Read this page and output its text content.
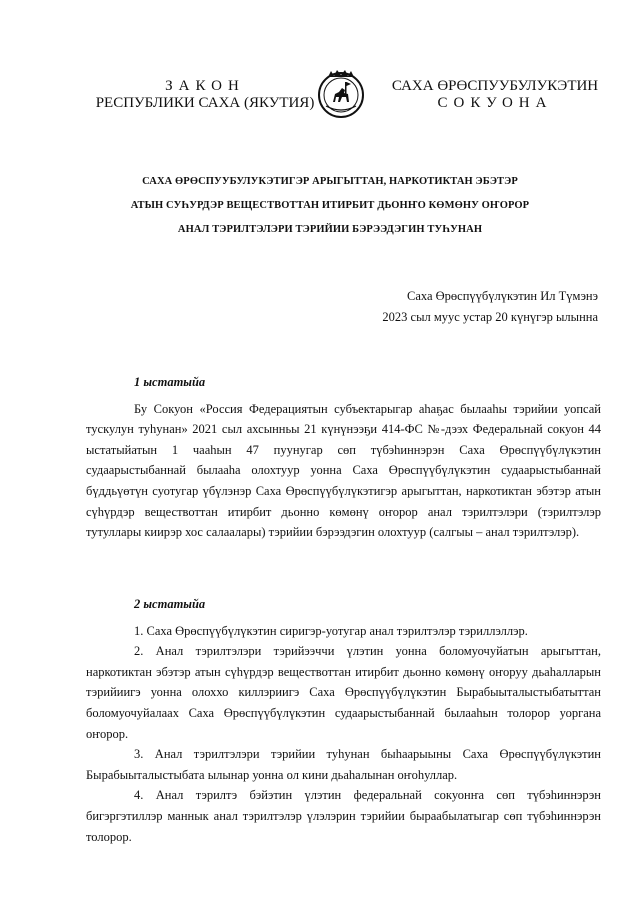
ЗАКОН
РЕСПУБЛИКИ САХА (ЯКУТИЯ)
САХА ӨРӨСПУУБУЛУКЭТИН
СОКУОНА
САХА ӨРӨСПУУБУЛУКЭТИГЭР АРЫГЫТТАН, НАРКОТИКТАН ЭБЭТЭР
АТЫН СУҺУРДЭР ВЕЩЕСТВОТТАН ИТИРБИТ ДЬОНҤО КӨМӨНУ ОҤОРОР
АНАЛ ТЭРИЛТЭЛЭРИ ТЭРИЙИИ БЭРЭЭДЭГИН ТУҺУНАН
Саха Өрөспүүбүлүкэтин Ил Түмэнэ
2023 сыл муус устар 20 күнүгэр ылынна
1 ыстатыйа

Бу Сокуон «Россия Федерациятын субъектарыгар аһаҕас былааһы тэрийии уопсай тускулун туһунан» 2021 сыл ахсынньы 21 күнүнээҕи 414-ФС №-дээх Федеральнай сокуон 44 ыстатыйатын 1 чааһын 47 пуунугар сөп түбэһиннэрэн Саха Өрөспүүбүлүкэтин судаарыстыбаннай былааһа олохтуур уонна Саха Өрөспүүбүлүкэтин судаарыстыбаннай бүддьүөтүн суотугар үбүлэнэр Саха Өрөспүүбүлүкэтигэр арыгыттан, наркотиктан эбэтэр атын сүһүрдэр веществоттан итирбит дьонно көмөнү оҥорор анал тэрилтэлэри (тэрилтэлэр тутуллары киирэр хос салаалары) тэрийии бэрээдэгин олохтуур (салгыы – анал тэрилтэлэр).

2 ыстатыйа

1. Саха Өрөспүүбүлүкэтин сиригэр-уотугар анал тэрилтэлэр тэриллэллэр.

2. Анал тэрилтэлэри тэрийээччи үлэтин уонна боломуочуйатын арыгыттан, наркотиктан эбэтэр атын сүһүрдэр веществоттан итирбит дьонно көмөнү оҥоруу дьаһалларын тэрийиигэ уонна олоххо киллэриигэ Саха Өрөспүүбүлүкэтин Бырабыыталыстыбатыттан боломуочуйалаах Саха Өрөспүүбүлүкэтин судаарыстыбаннай былааһын толорор уоргана оҥорор.

3. Анал тэрилтэлэри тэрийии туһунан быһаарыыны Саха Өрөспүүбүлүкэтин Бырабыыталыстыбата ылынар уонна ол кини дьаһалынан оҥоһуллар.

4. Анал тэрилтэ бэйэтин үлэтин федеральнай сокуонҥа сөп түбэһиннэрэн бигэргэтиллэр маннык анал тэрилтэлэр үлэлэрин тэрийии быраабылатыгар сөп түбэһиннэрэн толорор.
